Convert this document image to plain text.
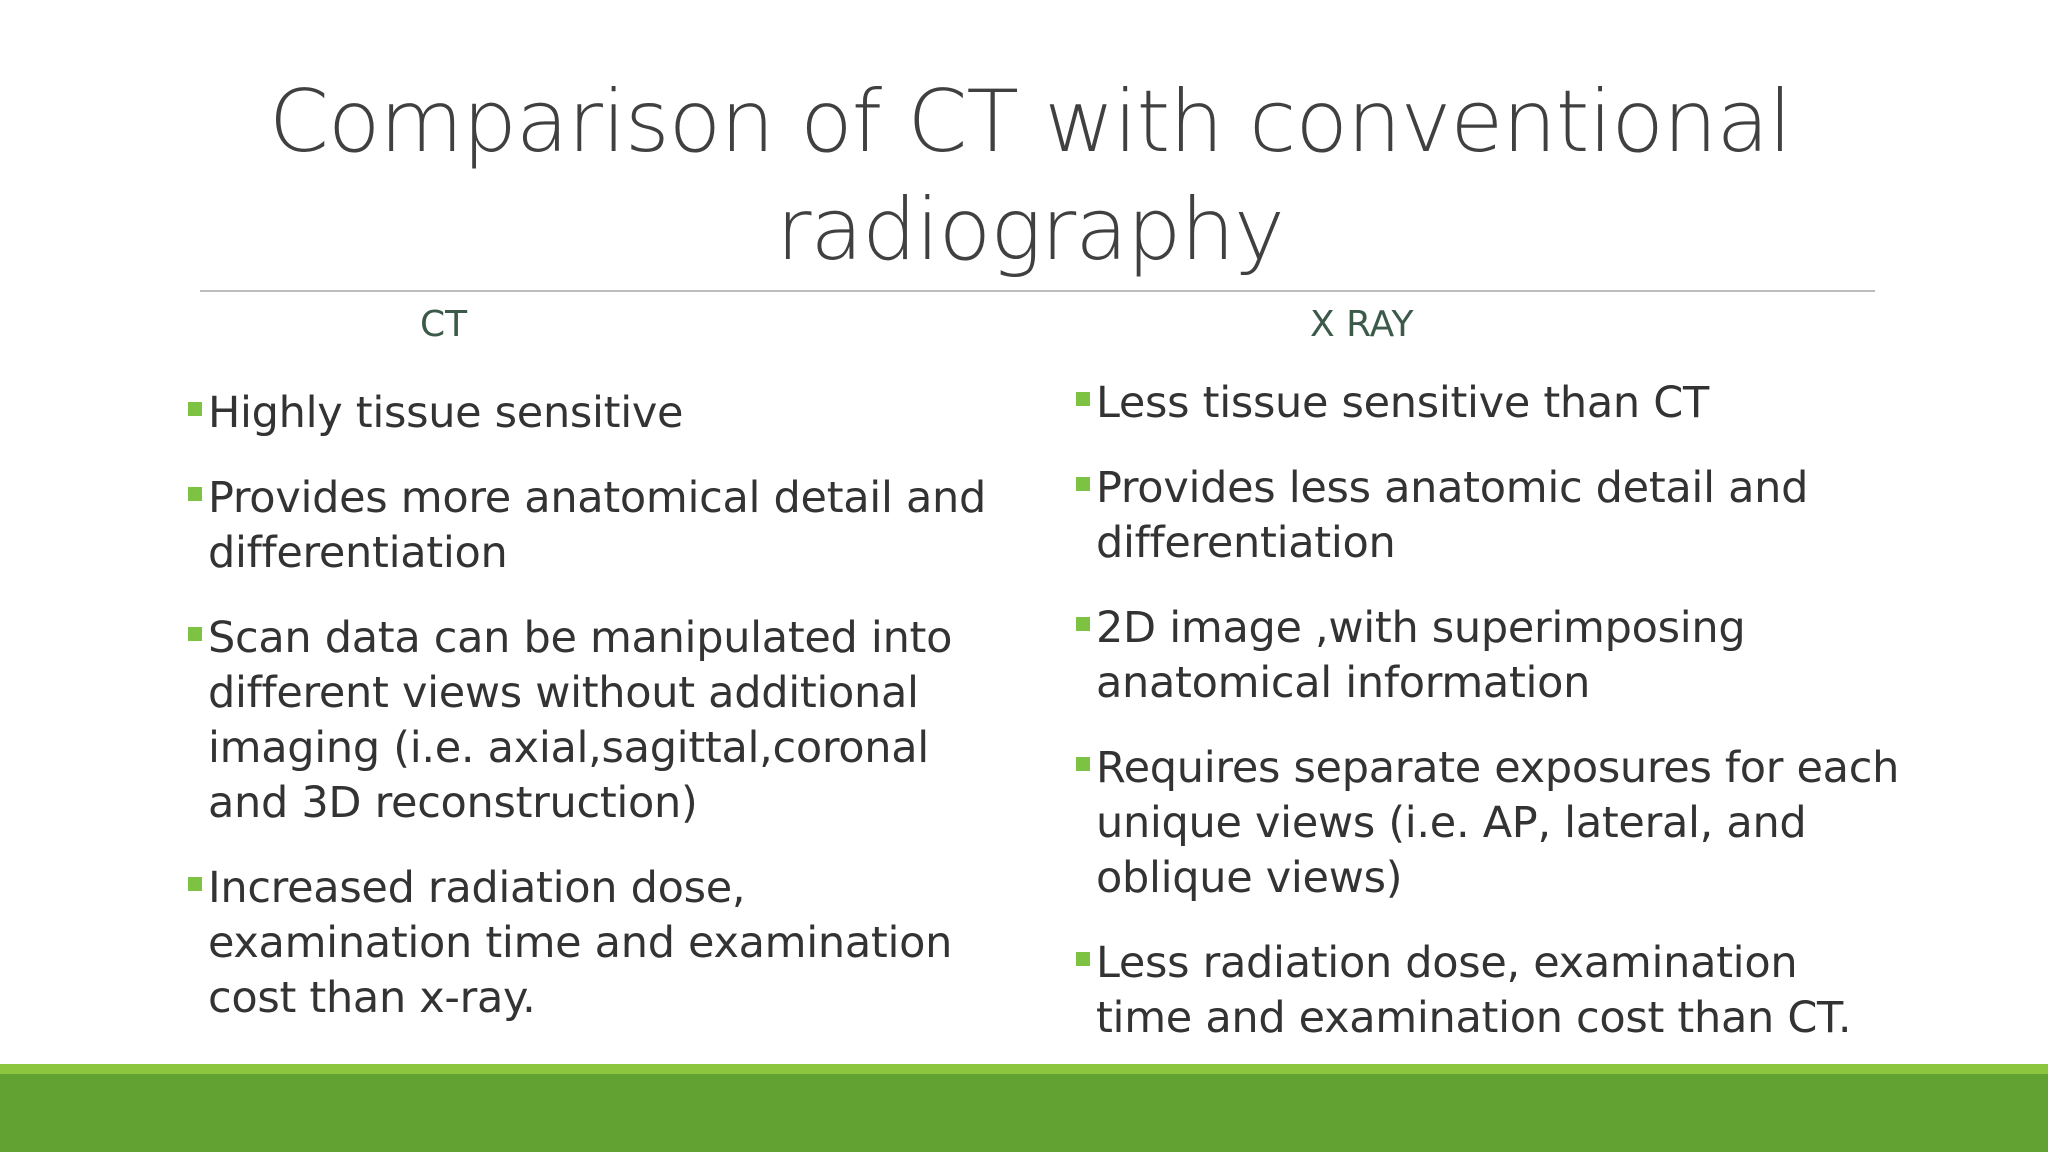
Comparison of CT with conventional radiography
CT	X RAY
Highly tissue sensitive
Provides more anatomical detail and differentiation
Scan data can be manipulated into different views without additional imaging (i.e. axial,sagittal,coronal and 3D reconstruction)
Increased radiation dose, examination time and examination cost than x-ray.
Less tissue sensitive than CT
Provides less anatomic detail and differentiation
2D image ,with superimposing anatomical information
Requires separate exposures for each unique views (i.e. AP, lateral, and oblique views)
Less radiation dose, examination time and examination cost than CT.
